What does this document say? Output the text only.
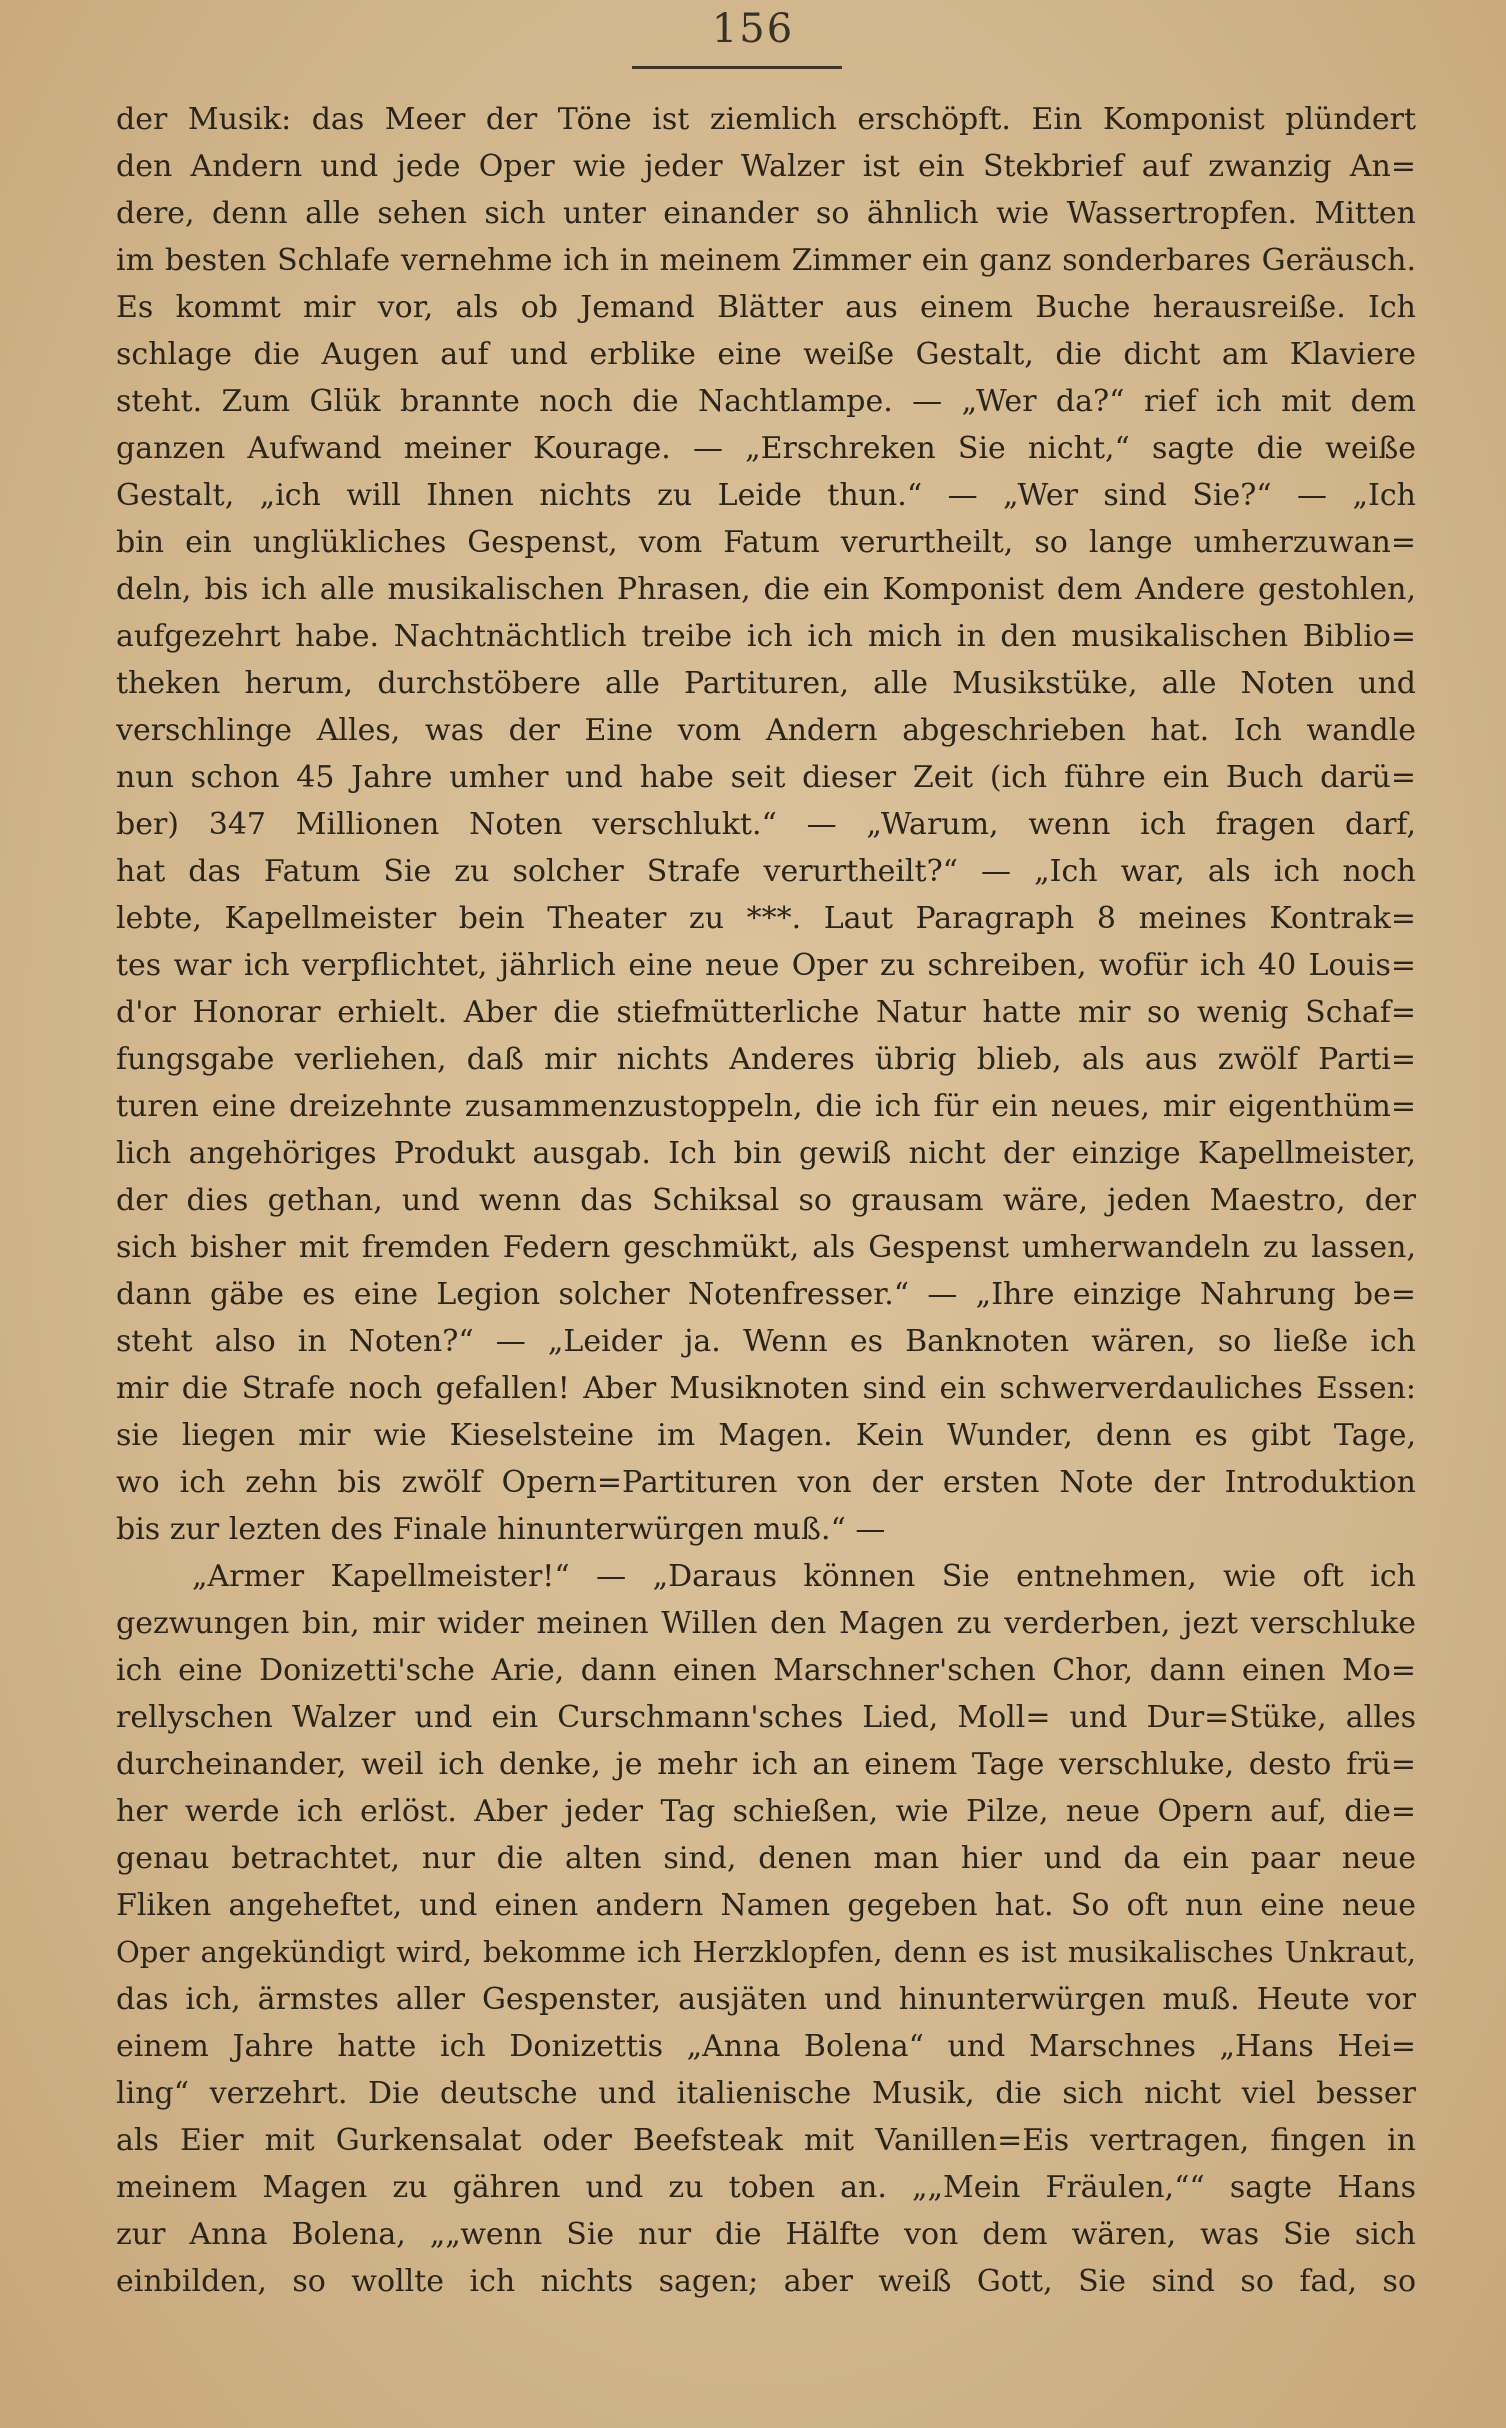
156
der Musik: das Meer der Töne ist ziemlich erschöpft. Ein Komponist plündert
den Andern und jede Oper wie jeder Walzer ist ein Stekbrief auf zwanzig An=
dere, denn alle sehen sich unter einander so ähnlich wie Wassertropfen. Mitten
im besten Schlafe vernehme ich in meinem Zimmer ein ganz sonderbares Geräusch.
Es kommt mir vor, als ob Jemand Blätter aus einem Buche herausreiße. Ich
schlage die Augen auf und erblike eine weiße Gestalt, die dicht am Klaviere
steht. Zum Glük brannte noch die Nachtlampe. — „Wer da?“ rief ich mit dem
ganzen Aufwand meiner Kourage. — „Erschreken Sie nicht,“ sagte die weiße
Gestalt, „ich will Ihnen nichts zu Leide thun.“ — „Wer sind Sie?“ — „Ich
bin ein unglükliches Gespenst, vom Fatum verurtheilt, so lange umherzuwan=
deln, bis ich alle musikalischen Phrasen, die ein Komponist dem Andere gestohlen,
aufgezehrt habe. Nachtnächtlich treibe ich ich mich in den musikalischen Biblio=
theken herum, durchstöbere alle Partituren, alle Musikstüke, alle Noten und
verschlinge Alles, was der Eine vom Andern abgeschrieben hat. Ich wandle
nun schon 45 Jahre umher und habe seit dieser Zeit (ich führe ein Buch darü=
ber) 347 Millionen Noten verschlukt.“ — „Warum, wenn ich fragen darf,
hat das Fatum Sie zu solcher Strafe verurtheilt?“ — „Ich war, als ich noch
lebte, Kapellmeister bein Theater zu ***. Laut Paragraph 8 meines Kontrak=
tes war ich verpflichtet, jährlich eine neue Oper zu schreiben, wofür ich 40 Louis=
d'or Honorar erhielt. Aber die stiefmütterliche Natur hatte mir so wenig Schaf=
fungsgabe verliehen, daß mir nichts Anderes übrig blieb, als aus zwölf Parti=
turen eine dreizehnte zusammenzustoppeln, die ich für ein neues, mir eigenthüm=
lich angehöriges Produkt ausgab. Ich bin gewiß nicht der einzige Kapellmeister,
der dies gethan, und wenn das Schiksal so grausam wäre, jeden Maestro, der
sich bisher mit fremden Federn geschmükt, als Gespenst umherwandeln zu lassen,
dann gäbe es eine Legion solcher Notenfresser.“ — „Ihre einzige Nahrung be=
steht also in Noten?“ — „Leider ja. Wenn es Banknoten wären, so ließe ich
mir die Strafe noch gefallen! Aber Musiknoten sind ein schwerverdauliches Essen:
sie liegen mir wie Kieselsteine im Magen. Kein Wunder, denn es gibt Tage,
wo ich zehn bis zwölf Opern=Partituren von der ersten Note der Introduktion
bis zur lezten des Finale hinunterwürgen muß.“ —
„Armer Kapellmeister!“ — „Daraus können Sie entnehmen, wie oft ich
gezwungen bin, mir wider meinen Willen den Magen zu verderben, jezt verschluke
ich eine Donizetti'sche Arie, dann einen Marschner'schen Chor, dann einen Mo=
rellyschen Walzer und ein Curschmann'sches Lied, Moll= und Dur=Stüke, alles
durcheinander, weil ich denke, je mehr ich an einem Tage verschluke, desto frü=
her werde ich erlöst. Aber jeder Tag schießen, wie Pilze, neue Opern auf, die=
genau betrachtet, nur die alten sind, denen man hier und da ein paar neue
Fliken angeheftet, und einen andern Namen gegeben hat. So oft nun eine neue
Oper angekündigt wird, bekomme ich Herzklopfen, denn es ist musikalisches Unkraut,
das ich, ärmstes aller Gespenster, ausjäten und hinunterwürgen muß. Heute vor
einem Jahre hatte ich Donizettis „Anna Bolena“ und Marschnes „Hans Hei=
ling“ verzehrt. Die deutsche und italienische Musik, die sich nicht viel besser
als Eier mit Gurkensalat oder Beefsteak mit Vanillen=Eis vertragen, fingen in
meinem Magen zu gähren und zu toben an. „„Mein Fräulen,““ sagte Hans
zur Anna Bolena, „„wenn Sie nur die Hälfte von dem wären, was Sie sich
einbilden, so wollte ich nichts sagen; aber weiß Gott, Sie sind so fad, so
